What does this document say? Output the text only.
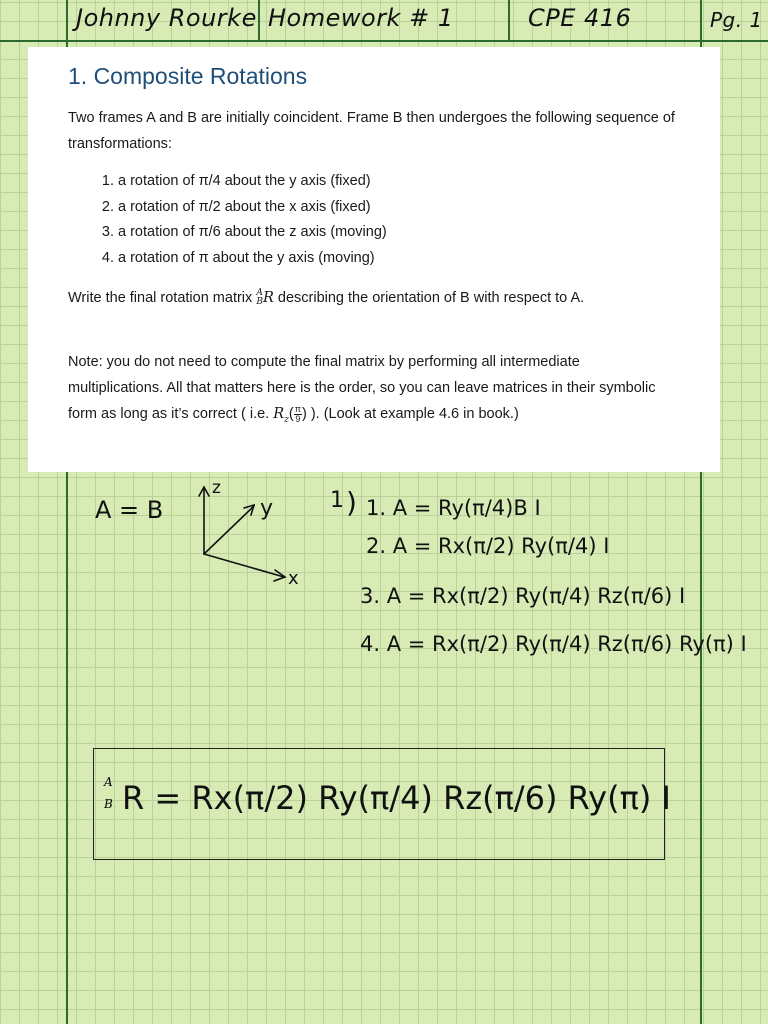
Johnny Rourke Homework # 1	CPE 416	Pg. 1
1. Composite Rotations

Two frames A and B are initially coincident. Frame B then undergoes the following sequence of transformations:

1. a rotation of π/4 about the y axis (fixed)
2. a rotation of π/2 about the x axis (fixed)
3. a rotation of π/6 about the z axis (moving)
4. a rotation of π about the y axis (moving)

Write the final rotation matrix A
B R describing the orientation of B with respect to A.

Note: you do not need to compute the final matrix by performing all intermediate multiplications. All that matters here is the order, so you can leave matrices in their symbolic form as long as it’s correct ( i.e. $R_z( \frac{\pi}{9}$ ) ). (Look at example 4.6 in book.)

A = B
z
y
x
1 ) 1. A = Ry(π/4)B I
2. A = Rx(π/2) Ry(π/4) I
3. A = Rx(π/2) Ry(π/4) Rz(π/6) I
4. A = Rx(π/2) Ry(π/4) Rz(π/6) Ry(π) I
A
B R = Rx(π/2) Ry(π/4) Rz(π/6) Ry(π) I
